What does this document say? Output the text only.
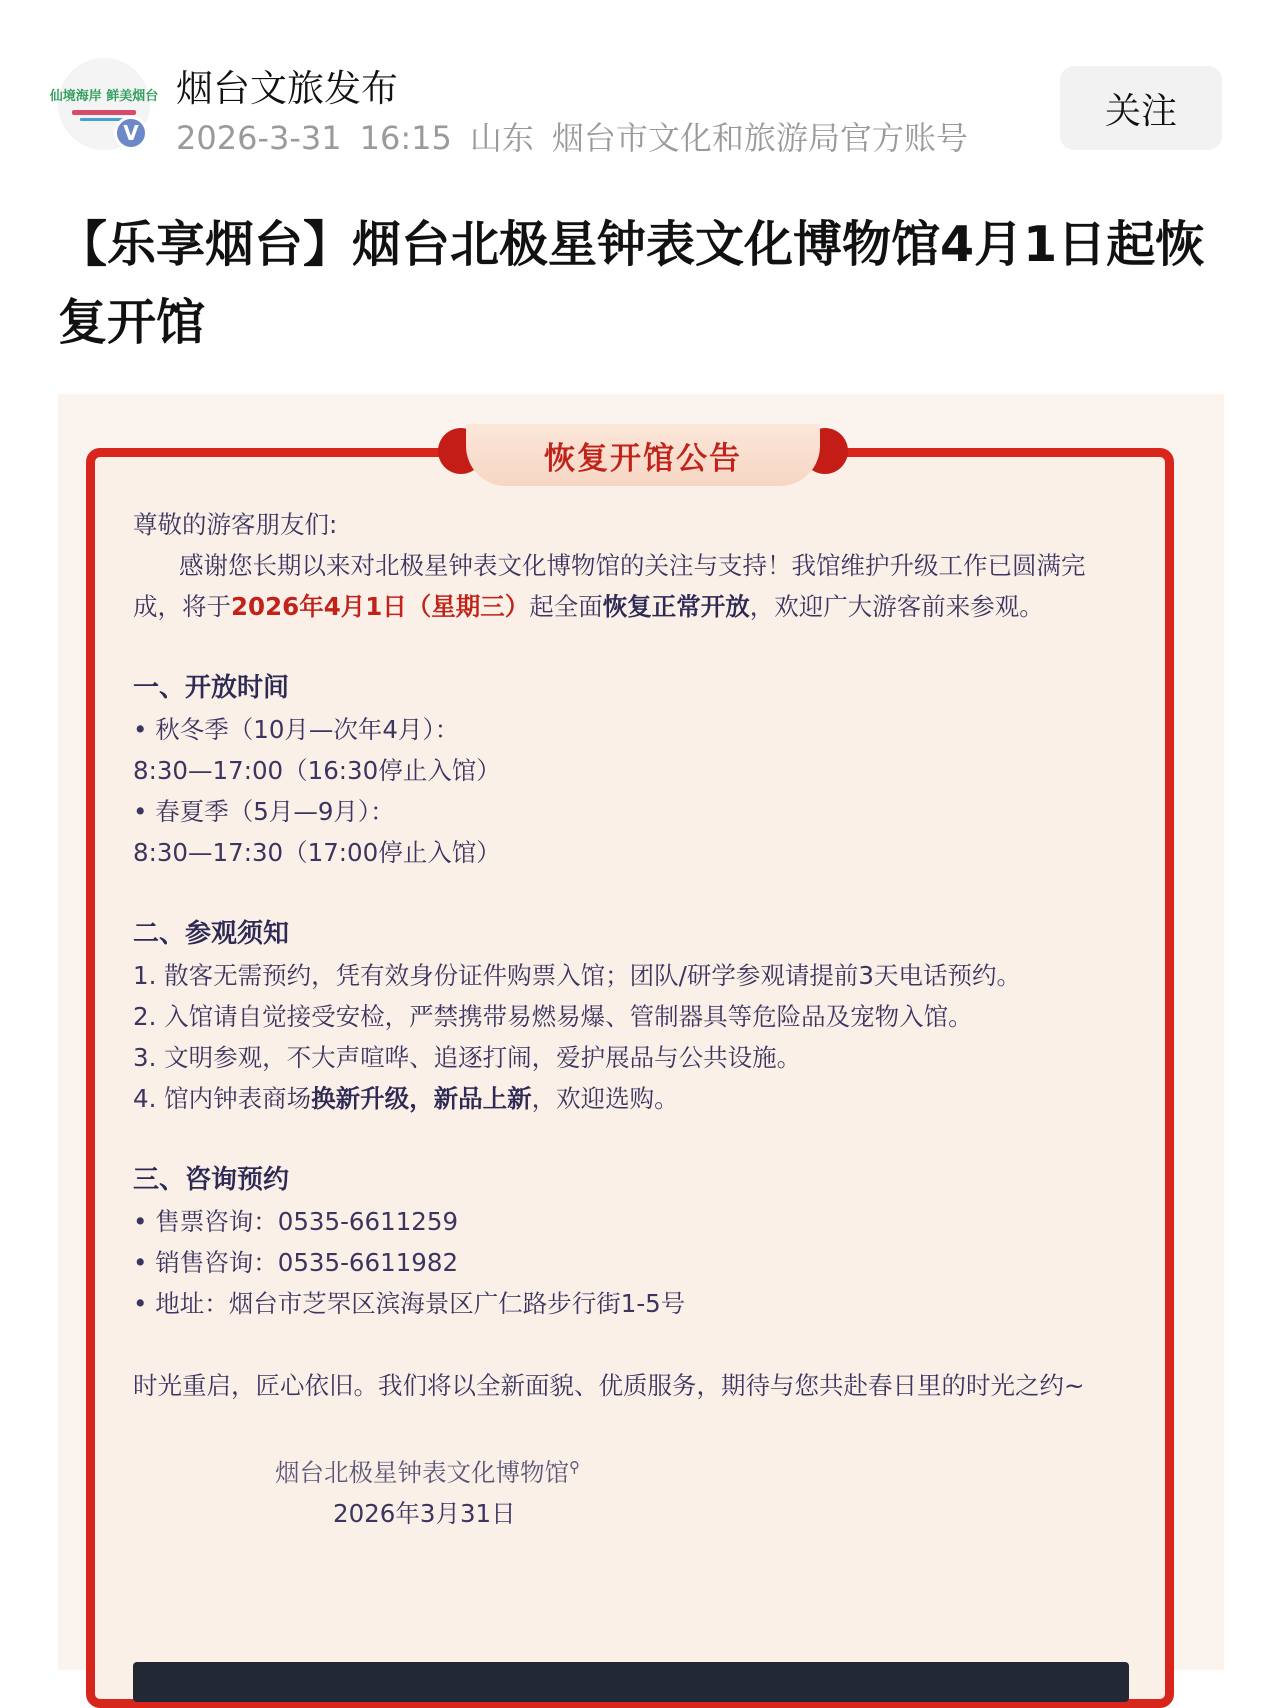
仙境海岸 鲜美烟台
V
烟台文旅发布
2026-3-31 16:15 山东 烟台市文化和旅游局官方账号
关注
【乐享烟台】烟台北极星钟表文化博物馆4月1日起恢复开馆
恢复开馆公告

尊敬的游客朋友们:

感谢您长期以来对北极星钟表文化博物馆的关注与支持！我馆维护升级工作已圆满完成，将于2026年4月1日（星期三）起全面恢复正常开放，欢迎广大游客前来参观。

一、开放时间

• 秋冬季（10月—次年4月）：

8:30—17:00（16:30停止入馆）

• 春夏季（5月—9月）：

8:30—17:30（17:00停止入馆）

二、参观须知

1. 散客无需预约，凭有效身份证件购票入馆；团队/研学参观请提前3天电话预约。

2. 入馆请自觉接受安检，严禁携带易燃易爆、管制器具等危险品及宠物入馆。

3. 文明参观，不大声喧哗、追逐打闹，爱护展品与公共设施。

4. 馆内钟表商场换新升级，新品上新，欢迎选购。

三、咨询预约

• 售票咨询：0535-6611259

• 销售咨询：0535-6611982

• 地址：烟台市芝罘区滨海景区广仁路步行街1-5号

时光重启，匠心依旧。我们将以全新面貌、优质服务，期待与您共赴春日里的时光之约~

烟台北极星钟表文化博物馆⚲

2026年3月31日
